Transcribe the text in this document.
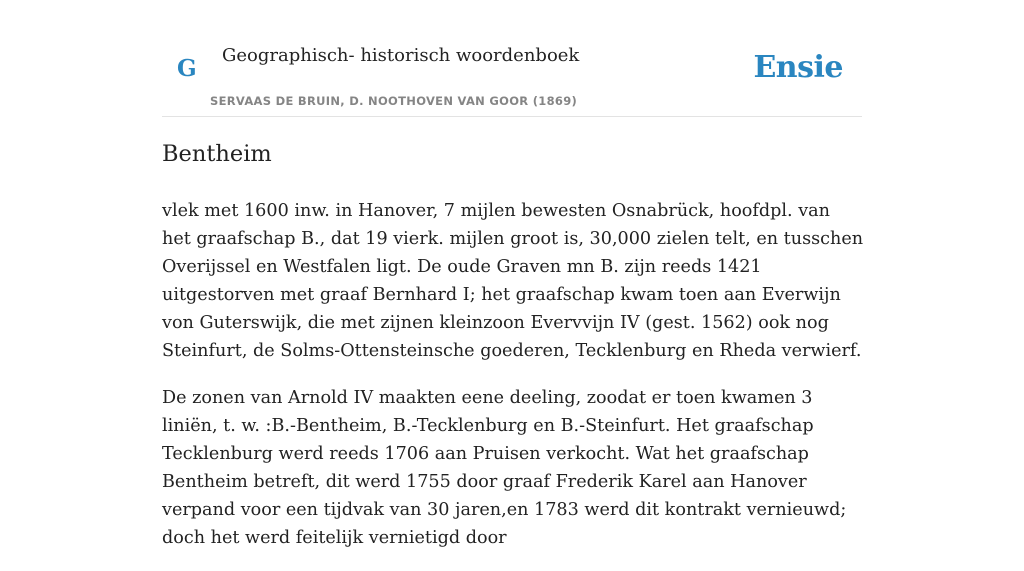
G Geographisch- historisch woordenboek
SERVAAS DE BRUIN, D. NOOTHOVEN VAN GOOR (1869)
Ensie
Bentheim

vlek met 1600 inw. in Hanover, 7 mijlen bewesten Osnabrück, hoofdpl. van het graafschap B., dat 19 vierk. mijlen groot is, 30,000 zielen telt, en tusschen Overijssel en Westfalen ligt. De oude Graven mn B. zijn reeds 1421 uitgestorven met graaf Bernhard I; het graafschap kwam toen aan Everwijn von Guterswijk, die met zijnen kleinzoon Evervvijn IV (gest. 1562) ook nog Steinfurt, de Solms-Ottensteinsche goederen, Tecklenburg en Rheda verwierf.

De zonen van Arnold IV maakten eene deeling, zoodat er toen kwamen 3 liniën, t. w. :B.-Bentheim, B.-Tecklenburg en B.-Steinfurt. Het graafschap Tecklenburg werd reeds 1706 aan Pruisen verkocht. Wat het graafschap Bentheim betreft, dit werd 1755 door graaf Frederik Karel aan Hanover verpand voor een tijdvak van 30 jaren,en 1783 werd dit kontrakt vernieuwd; doch het werd feitelijk vernietigd door
